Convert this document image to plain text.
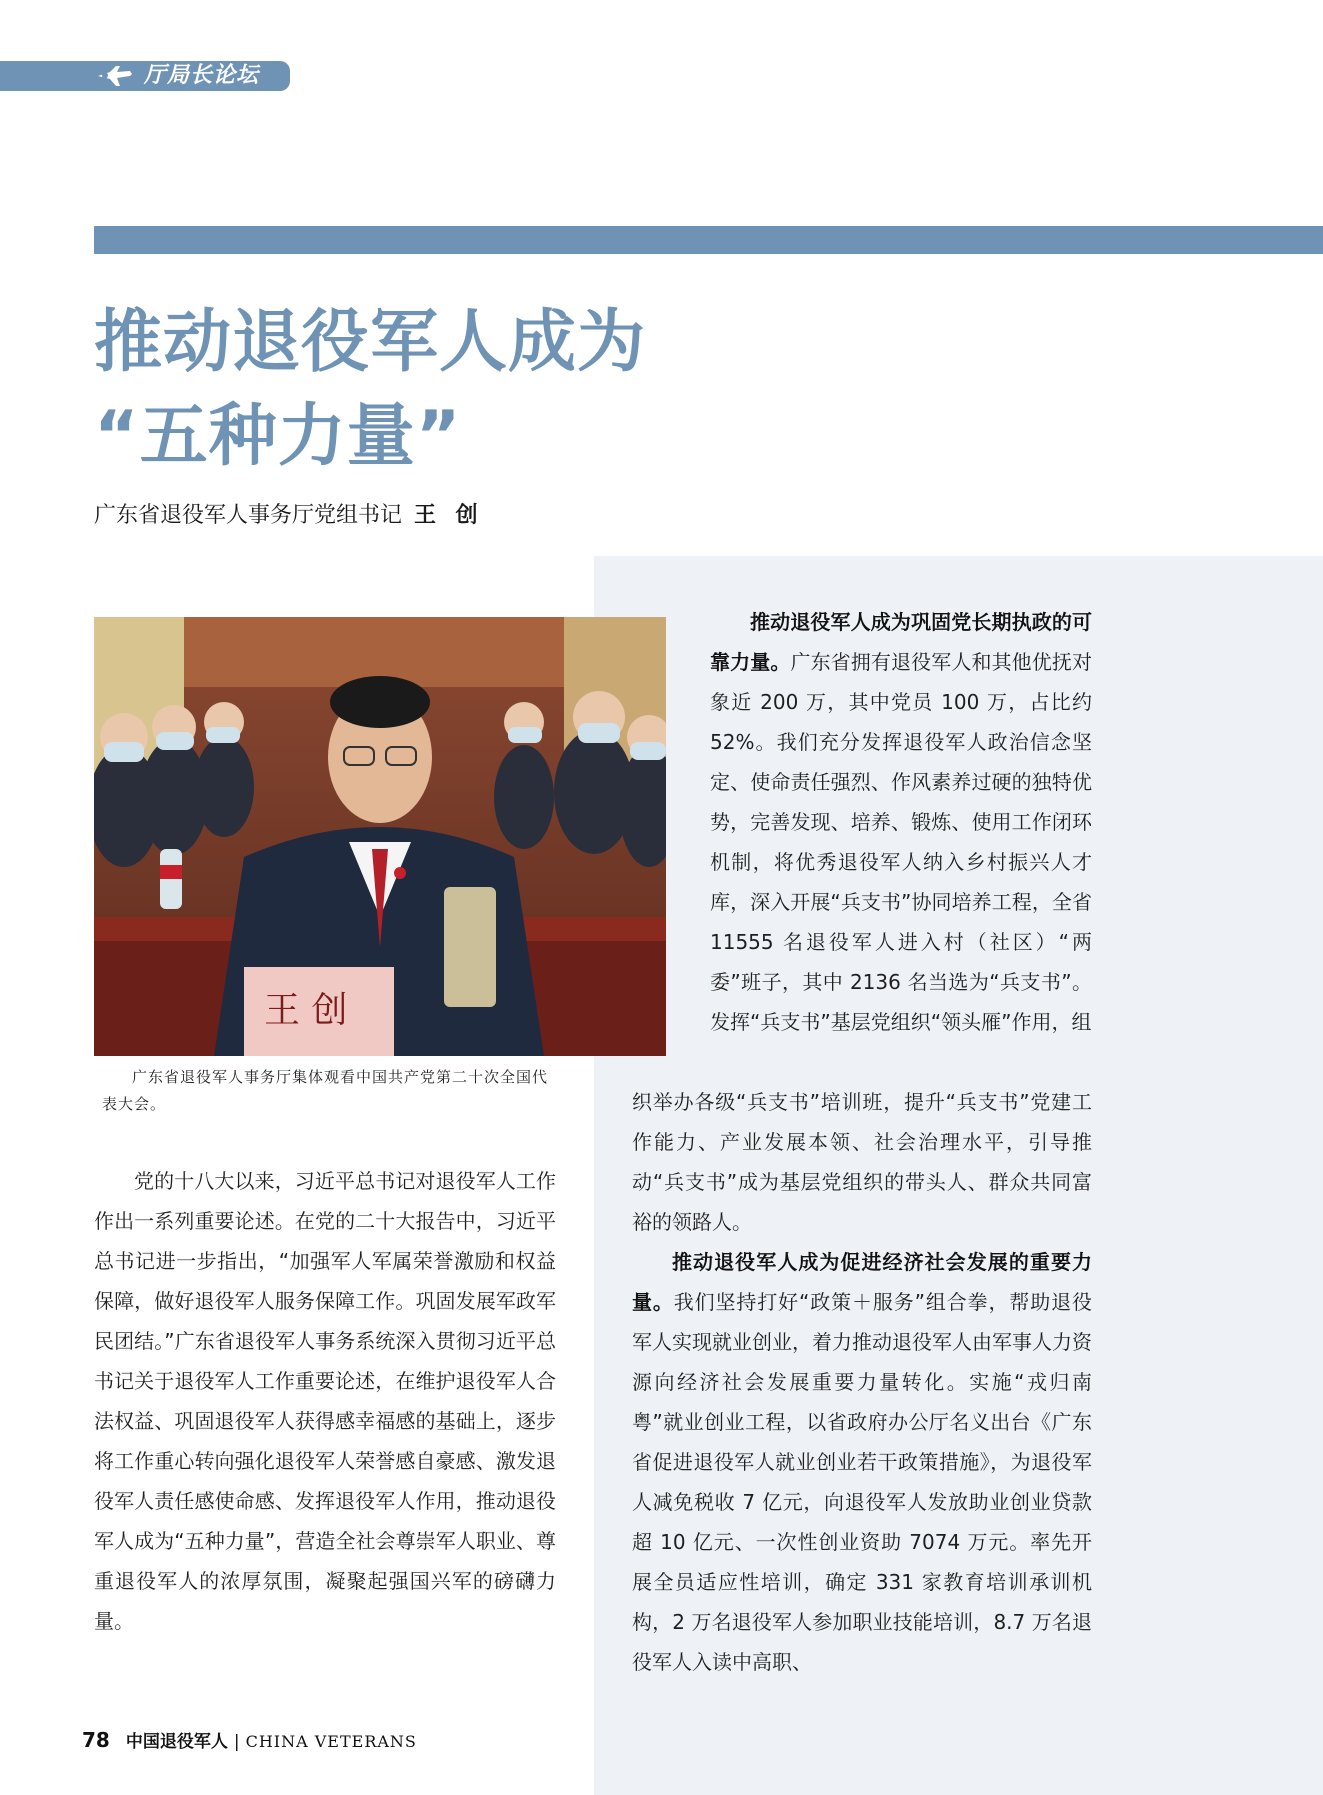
厅局长论坛
推动退役军人成为
“五种力量”
广东省退役军人事务厅党组书记 王 创
王 创
广东省退役军人事务厅集体观看中国共产党第二十次全国代表大会。

党的十八大以来，习近平总书记对退役军人工作作出一系列重要论述。在党的二十大报告中，习近平总书记进一步指出，“加强军人军属荣誉激励和权益保障，做好退役军人服务保障工作。巩固发展军政军民团结。”广东省退役军人事务系统深入贯彻习近平总书记关于退役军人工作重要论述，在维护退役军人合法权益、巩固退役军人获得感幸福感的基础上，逐步将工作重心转向强化退役军人荣誉感自豪感、激发退役军人责任感使命感、发挥退役军人作用，推动退役军人成为“五种力量”，营造全社会尊崇军人职业、尊重退役军人的浓厚氛围，凝聚起强国兴军的磅礴力量。

推动退役军人成为巩固党长期执政的可靠力量。广东省拥有退役军人和其他优抚对象近 200 万，其中党员 100 万，占比约 52%。我们充分发挥退役军人政治信念坚定、使命责任强烈、作风素养过硬的独特优势，完善发现、培养、锻炼、使用工作闭环机制，将优秀退役军人纳入乡村振兴人才库，深入开展“兵支书”协同培养工程，全省 11555 名退役军人进入村（社区）“两委”班子，其中 2136 名当选为“兵支书”。发挥“兵支书”基层党组织“领头雁”作用，组

织举办各级“兵支书”培训班，提升“兵支书”党建工作能力、产业发展本领、社会治理水平，引导推动“兵支书”成为基层党组织的带头人、群众共同富裕的领路人。

推动退役军人成为促进经济社会发展的重要力量。我们坚持打好“政策＋服务”组合拳，帮助退役军人实现就业创业，着力推动退役军人由军事人力资源向经济社会发展重要力量转化。实施“戎归南粤”就业创业工程，以省政府办公厅名义出台《广东省促进退役军人就业创业若干政策措施》，为退役军人减免税收 7 亿元，向退役军人发放助业创业贷款超 10 亿元、一次性创业资助 7074 万元。率先开展全员适应性培训，确定 331 家教育培训承训机构，2 万名退役军人参加职业技能培训，8.7 万名退役军人入读中高职、

78 中国退役军人 | CHINA VETERANS
